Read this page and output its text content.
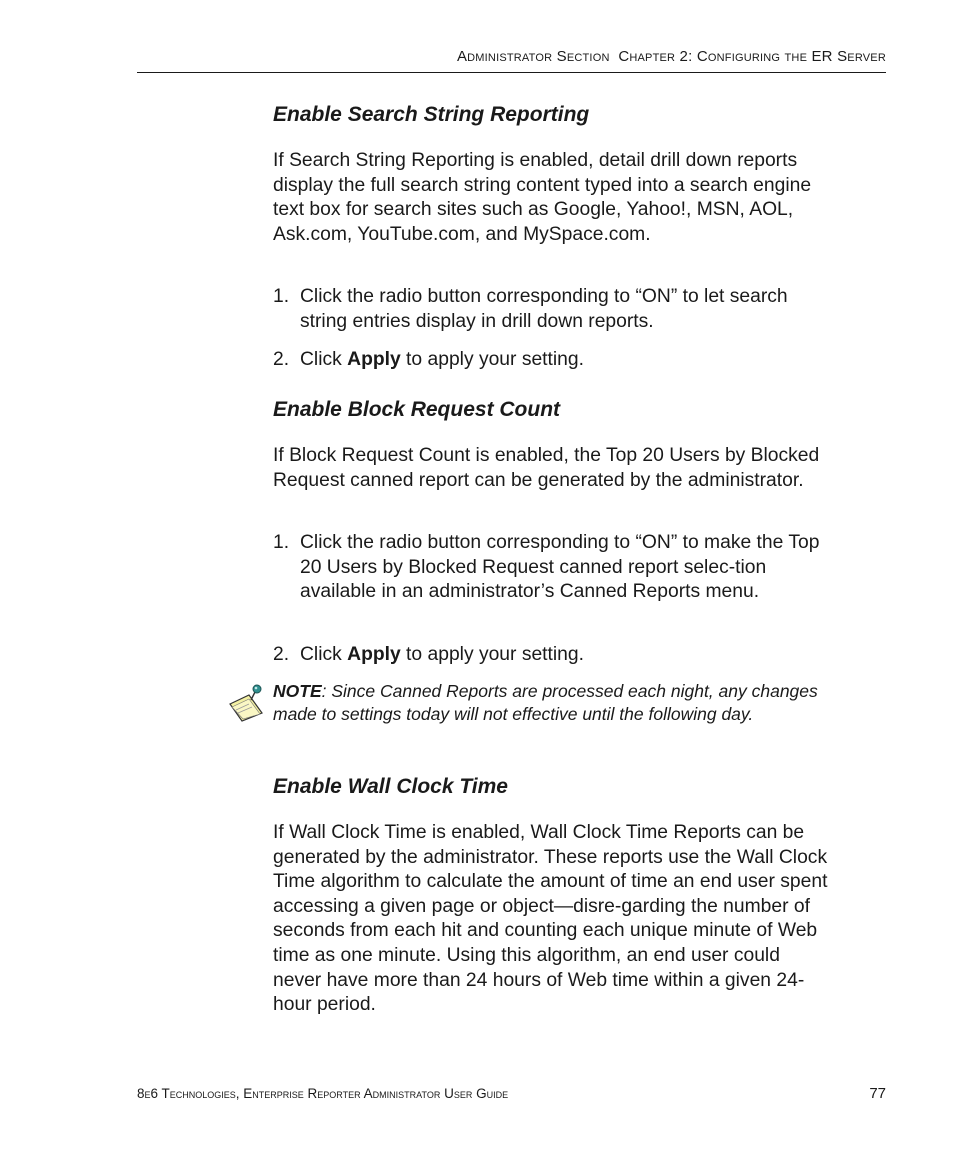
Administrator Section Chapter 2: Configuring the ER Server
Enable Search String Reporting

If Search String Reporting is enabled, detail drill down reports display the full search string content typed into a search engine text box for search sites such as Google, Yahoo!, MSN, AOL, Ask.com, YouTube.com, and MySpace.com.

1. Click the radio button corresponding to “ON” to let search string entries display in drill down reports.
2. Click Apply to apply your setting.
Enable Block Request Count

If Block Request Count is enabled, the Top 20 Users by Blocked Request canned report can be generated by the administrator.

1. Click the radio button corresponding to “ON” to make the Top 20 Users by Blocked Request canned report selec-tion available in an administrator’s Canned Reports menu.
2. Click Apply to apply your setting.

NOTE: Since Canned Reports are processed each night, any changes made to settings today will not effective until the following day.

Enable Wall Clock Time

If Wall Clock Time is enabled, Wall Clock Time Reports can be generated by the administrator. These reports use the Wall Clock Time algorithm to calculate the amount of time an end user spent accessing a given page or object—disre-garding the number of seconds from each hit and counting each unique minute of Web time as one minute. Using this algorithm, an end user could never have more than 24 hours of Web time within a given 24-hour period.

8e6 Technologies, Enterprise Reporter Administrator User Guide	77
